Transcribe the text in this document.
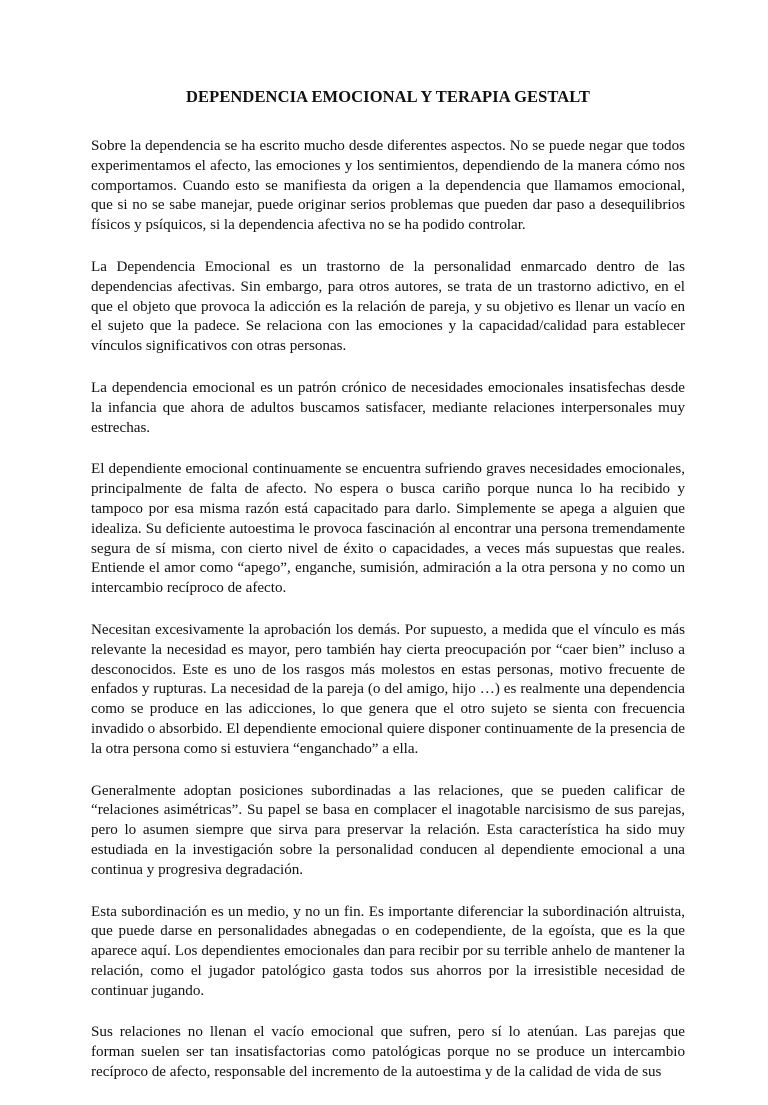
DEPENDENCIA EMOCIONAL Y TERAPIA GESTALT

Sobre la dependencia se ha escrito mucho desde diferentes aspectos. No se puede negar que todos experimentamos el afecto, las emociones y los sentimientos, dependiendo de la manera cómo nos comportamos. Cuando esto se manifiesta da origen a la dependencia que llamamos emocional, que si no se sabe manejar, puede originar serios problemas que pueden dar paso a desequilibrios físicos y psíquicos, si la dependencia afectiva no se ha podido controlar.

La Dependencia Emocional es un trastorno de la personalidad enmarcado dentro de las dependencias afectivas. Sin embargo, para otros autores, se trata de un trastorno adictivo, en el que el objeto que provoca la adicción es la relación de pareja, y su objetivo es llenar un vacío en el sujeto que la padece. Se relaciona con las emociones y la capacidad/calidad para establecer vínculos significativos con otras personas.

La dependencia emocional es un patrón crónico de necesidades emocionales insatisfechas desde la infancia que ahora de adultos buscamos satisfacer, mediante relaciones interpersonales muy estrechas.

El dependiente emocional continuamente se encuentra sufriendo graves necesidades emocionales, principalmente de falta de afecto. No espera o busca cariño porque nunca lo ha recibido y tampoco por esa misma razón está capacitado para darlo. Simplemente se apega a alguien que idealiza. Su deficiente autoestima le provoca fascinación al encontrar una persona tremendamente segura de sí misma, con cierto nivel de éxito o capacidades, a veces más supuestas que reales. Entiende el amor como “apego”, enganche, sumisión, admiración a la otra persona y no como un intercambio recíproco de afecto.

Necesitan excesivamente la aprobación los demás. Por supuesto, a medida que el vínculo es más relevante la necesidad es mayor, pero también hay cierta preocupación por “caer bien” incluso a desconocidos. Este es uno de los rasgos más molestos en estas personas, motivo frecuente de enfados y rupturas. La necesidad de la pareja (o del amigo, hijo …) es realmente una dependencia como se produce en las adicciones, lo que genera que el otro sujeto se sienta con frecuencia invadido o absorbido. El dependiente emocional quiere disponer continuamente de la presencia de la otra persona como si estuviera “enganchado” a ella.

Generalmente adoptan posiciones subordinadas a las relaciones, que se pueden calificar de “relaciones asimétricas”. Su papel se basa en complacer el inagotable narcisismo de sus parejas, pero lo asumen siempre que sirva para preservar la relación. Esta característica ha sido muy estudiada en la investigación sobre la personalidad conducen al dependiente emocional a una continua y progresiva degradación.

Esta subordinación es un medio, y no un fin. Es importante diferenciar la subordinación altruista, que puede darse en personalidades abnegadas o en codependiente, de la egoísta, que es la que aparece aquí. Los dependientes emocionales dan para recibir por su terrible anhelo de mantener la relación, como el jugador patológico gasta todos sus ahorros por la irresistible necesidad de continuar jugando.

Sus relaciones no llenan el vacío emocional que sufren, pero sí lo atenúan. Las parejas que forman suelen ser tan insatisfactorias como patológicas porque no se produce un intercambio recíproco de afecto, responsable del incremento de la autoestima y de la calidad de vida de sus
